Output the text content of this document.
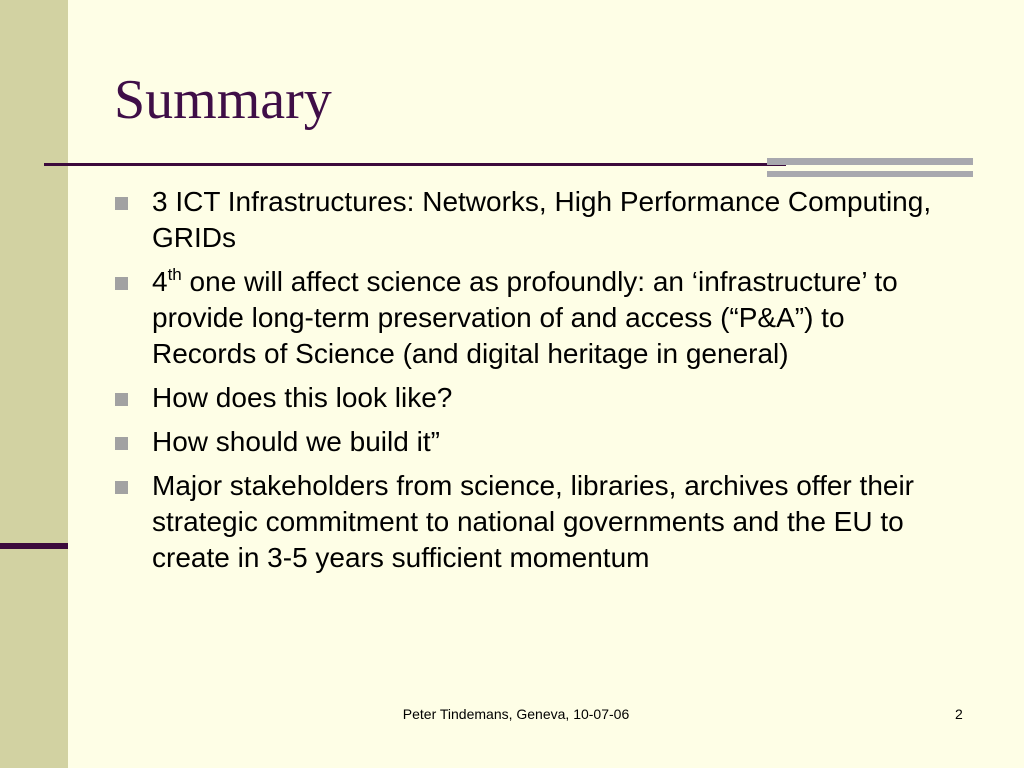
Summary
3 ICT Infrastructures: Networks, High Performance Computing, GRIDs
4th one will affect science as profoundly: an ‘infrastructure’ to provide long-term preservation of and access (“P&A”) to Records of Science (and digital heritage in general)
How does this look like?
How should we build it”
Major stakeholders from science, libraries, archives offer their strategic commitment to national governments and the EU to create in 3-5 years sufficient momentum
Peter Tindemans, Geneva, 10-07-06	2
